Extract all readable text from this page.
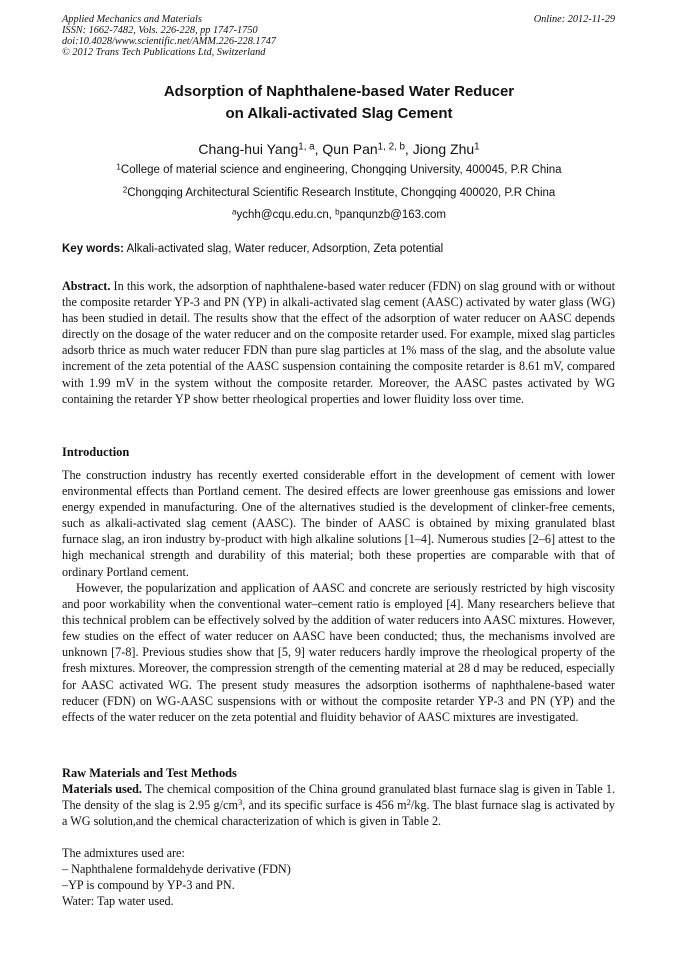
Applied Mechanics and Materials
ISSN: 1662-7482, Vols. 226-228, pp 1747-1750
doi:10.4028/www.scientific.net/AMM.226-228.1747
© 2012 Trans Tech Publications Ltd, Switzerland
Online: 2012-11-29
Adsorption of Naphthalene-based Water Reducer
on Alkali-activated Slag Cement
Chang-hui Yang$^{1, a}$, Qun Pan$^{1, 2, b}$, Jiong Zhu$^1$
$^1$College of material science and engineering, Chongqing University, 400045, P.R China
$^2$Chongqing Architectural Scientific Research Institute, Chongqing 400020, P.R China
$^a$ychh@cqu.edu.cn, $^b$panqunzb@163.com
Key words: Alkali-activated slag, Water reducer, Adsorption, Zeta potential
Abstract. In this work, the adsorption of naphthalene-based water reducer (FDN) on slag ground with or without the composite retarder YP-3 and PN (YP) in alkali-activated slag cement (AASC) activated by water glass (WG) has been studied in detail. The results show that the effect of the adsorption of water reducer on AASC depends directly on the dosage of the water reducer and on the composite retarder used. For example, mixed slag particles adsorb thrice as much water reducer FDN than pure slag particles at 1% mass of the slag, and the absolute value increment of the zeta potential of the AASC suspension containing the composite retarder is 8.61 mV, compared with 1.99 mV in the system without the composite retarder. Moreover, the AASC pastes activated by WG containing the retarder YP show better rheological properties and lower fluidity loss over time.
Introduction
The construction industry has recently exerted considerable effort in the development of cement with lower environmental effects than Portland cement. The desired effects are lower greenhouse gas emissions and lower energy expended in manufacturing. One of the alternatives studied is the development of clinker-free cements, such as alkali-activated slag cement (AASC). The binder of AASC is obtained by mixing granulated blast furnace slag, an iron industry by-product with high alkaline solutions [1–4]. Numerous studies [2–6] attest to the high mechanical strength and durability of this material; both these properties are comparable with that of ordinary Portland cement.
However, the popularization and application of AASC and concrete are seriously restricted by high viscosity and poor workability when the conventional water–cement ratio is employed [4]. Many researchers believe that this technical problem can be effectively solved by the addition of water reducers into AASC mixtures. However, few studies on the effect of water reducer on AASC have been conducted; thus, the mechanisms involved are unknown [7-8]. Previous studies show that [5, 9] water reducers hardly improve the rheological property of the fresh mixtures. Moreover, the compression strength of the cementing material at 28 d may be reduced, especially for AASC activated WG. The present study measures the adsorption isotherms of naphthalene-based water reducer (FDN) on WG-AASC suspensions with or without the composite retarder YP-3 and PN (YP) and the effects of the water reducer on the zeta potential and fluidity behavior of AASC mixtures are investigated.
Raw Materials and Test Methods
Materials used. The chemical composition of the China ground granulated blast furnace slag is given in Table 1. The density of the slag is 2.95 $g/cm^3$, and its specific surface is 456 $m^2/kg$. The blast furnace slag is activated by a WG solution,and the chemical characterization of which is given in Table 2.
The admixtures used are:
– Naphthalene formaldehyde derivative (FDN)
–YP is compound by YP-3 and PN.
Water: Tap water used.
